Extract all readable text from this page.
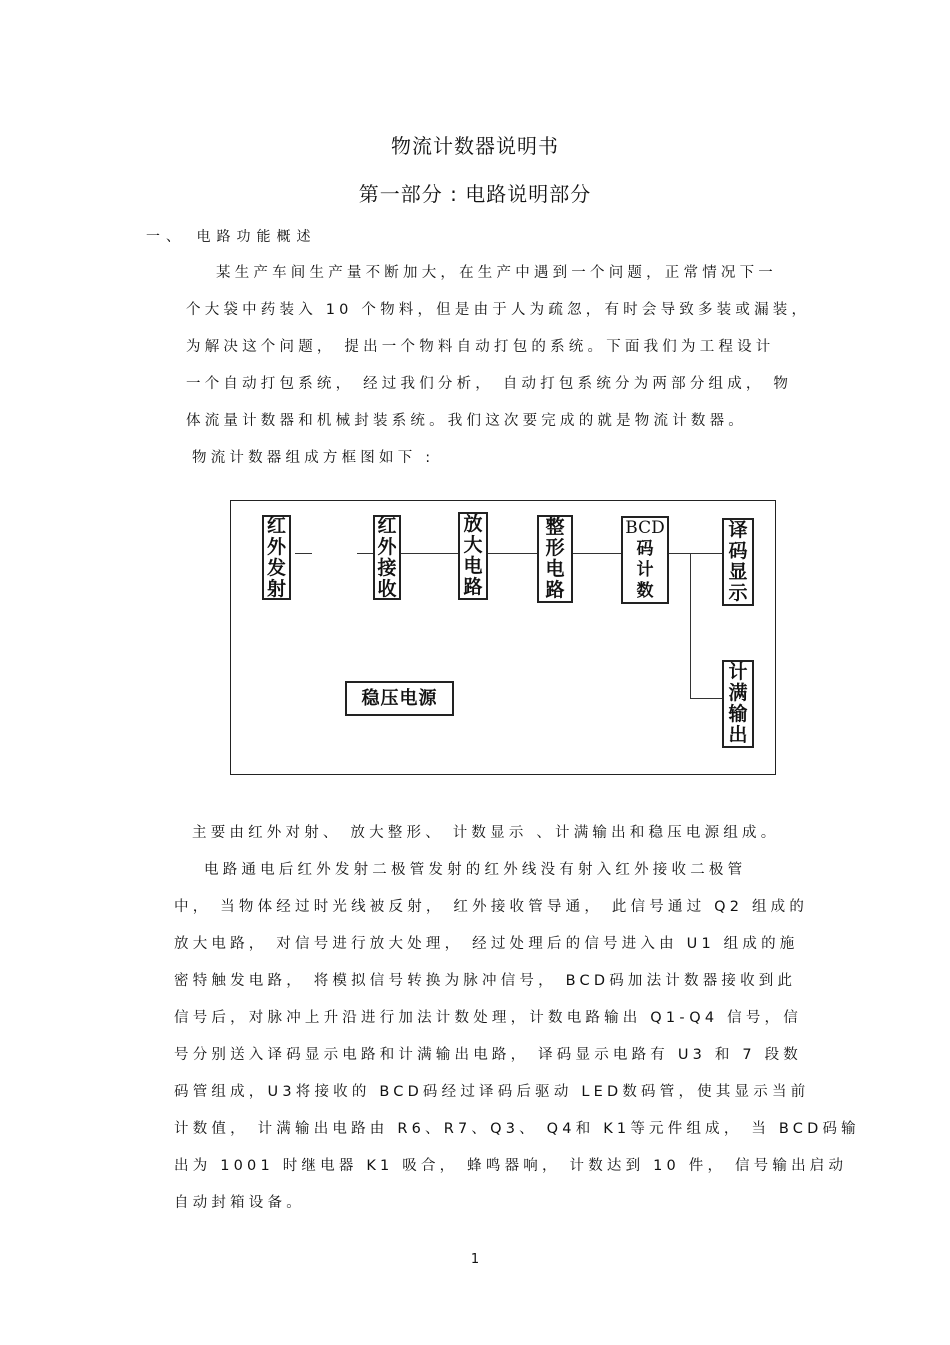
物流计数器说明书
第一部分 : 电路说明部分
一、 电路功能概述
某生产车间生产量不断加大，在生产中遇到一个问题，正常情况下一
个大袋中药装入 10 个物料，但是由于人为疏忽，有时会导致多装或漏装，
为解决这个问题， 提出一个物料自动打包的系统。下面我们为工程设计
一个自动打包系统， 经过我们分析， 自动打包系统分为两部分组成， 物
体流量计数器和机械封装系统。我们这次要完成的就是物流计数器。
物流计数器组成方框图如下 :
红外发射
红外接收
放大电路
整形电路
BCD
码
计
数
译码显示
计满输出
稳压电源
主要由红外对射、 放大整形、 计数显示 、计满输出和稳压电源组成。
电路通电后红外发射二极管发射的红外线没有射入红外接收二极管
中， 当物体经过时光线被反射， 红外接收管导通， 此信号通过 Q2 组成的
放大电路， 对信号进行放大处理， 经过处理后的信号进入由 U1 组成的施
密特触发电路， 将模拟信号转换为脉冲信号， BCD码加法计数器接收到此
信号后，对脉冲上升沿进行加法计数处理，计数电路输出 Q1-Q4 信号，信
号分别送入译码显示电路和计满输出电路， 译码显示电路有 U3 和 7 段数
码管组成，U3将接收的 BCD码经过译码后驱动 LED数码管，使其显示当前
计数值， 计满输出电路由 R6、R7、Q3、 Q4和 K1等元件组成， 当 BCD码输
出为 1001 时继电器 K1 吸合， 蜂鸣器响， 计数达到 10 件， 信号输出启动
自动封箱设备。
1
